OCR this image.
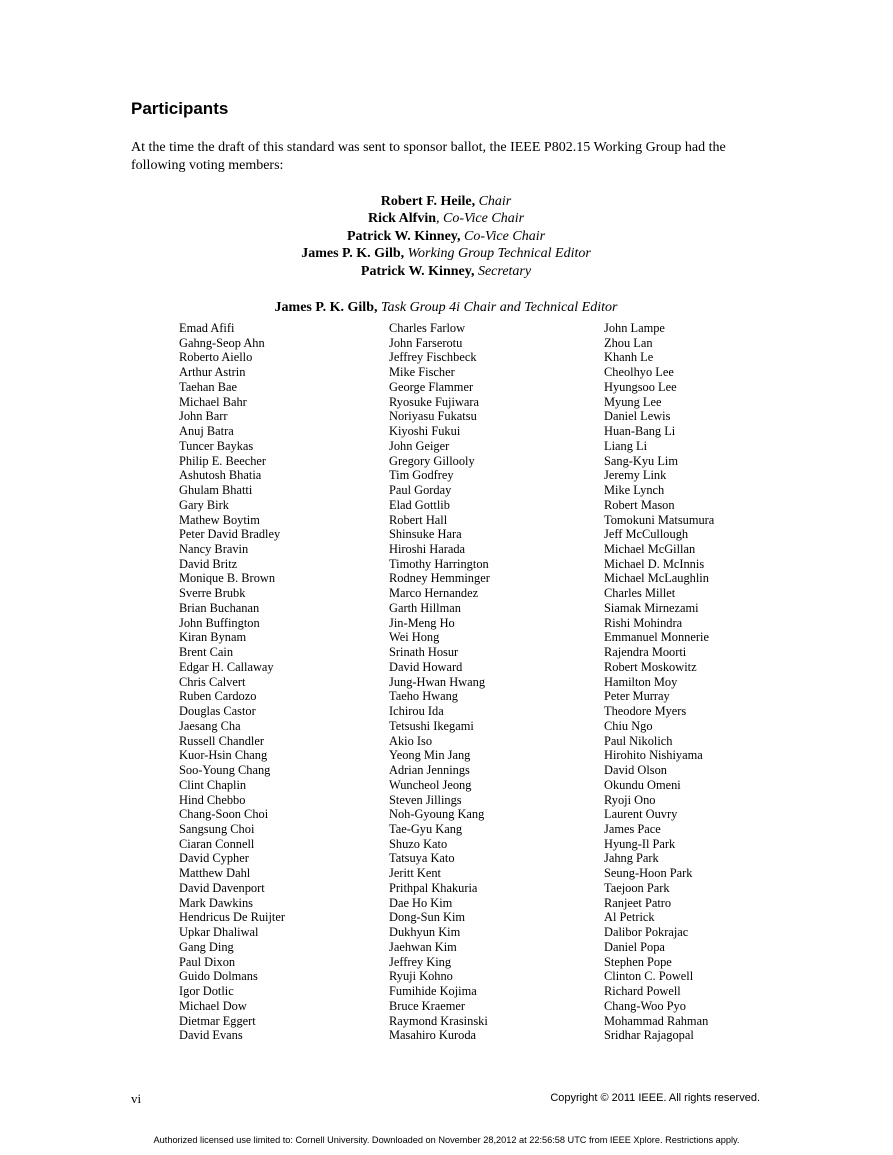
Participants

At the time the draft of this standard was sent to sponsor ballot, the IEEE P802.15 Working Group had the following voting members:

Robert F. Heile, Chair
Rick Alfvin, Co-Vice Chair
Patrick W. Kinney, Co-Vice Chair
James P. K. Gilb, Working Group Technical Editor
Patrick W. Kinney, Secretary
James P. K. Gilb, Task Group 4i Chair and Technical Editor
Emad Afifi
Gahng-Seop Ahn
Roberto Aiello
Arthur Astrin
Taehan Bae
Michael Bahr
John Barr
Anuj Batra
Tuncer Baykas
Philip E. Beecher
Ashutosh Bhatia
Ghulam Bhatti
Gary Birk
Mathew Boytim
Peter David Bradley
Nancy Bravin
David Britz
Monique B. Brown
Sverre Brubk
Brian Buchanan
John Buffington
Kiran Bynam
Brent Cain
Edgar H. Callaway
Chris Calvert
Ruben Cardozo
Douglas Castor
Jaesang Cha
Russell Chandler
Kuor-Hsin Chang
Soo-Young Chang
Clint Chaplin
Hind Chebbo
Chang-Soon Choi
Sangsung Choi
Ciaran Connell
David Cypher
Matthew Dahl
David Davenport
Mark Dawkins
Hendricus De Ruijter
Upkar Dhaliwal
Gang Ding
Paul Dixon
Guido Dolmans
Igor Dotlic
Michael Dow
Dietmar Eggert
David Evans
Charles Farlow
John Farserotu
Jeffrey Fischbeck
Mike Fischer
George Flammer
Ryosuke Fujiwara
Noriyasu Fukatsu
Kiyoshi Fukui
John Geiger
Gregory Gillooly
Tim Godfrey
Paul Gorday
Elad Gottlib
Robert Hall
Shinsuke Hara
Hiroshi Harada
Timothy Harrington
Rodney Hemminger
Marco Hernandez
Garth Hillman
Jin-Meng Ho
Wei Hong
Srinath Hosur
David Howard
Jung-Hwan Hwang
Taeho Hwang
Ichirou Ida
Tetsushi Ikegami
Akio Iso
Yeong Min Jang
Adrian Jennings
Wuncheol Jeong
Steven Jillings
Noh-Gyoung Kang
Tae-Gyu Kang
Shuzo Kato
Tatsuya Kato
Jeritt Kent
Prithpal Khakuria
Dae Ho Kim
Dong-Sun Kim
Dukhyun Kim
Jaehwan Kim
Jeffrey King
Ryuji Kohno
Fumihide Kojima
Bruce Kraemer
Raymond Krasinski
Masahiro Kuroda
John Lampe
Zhou Lan
Khanh Le
Cheolhyo Lee
Hyungsoo Lee
Myung Lee
Daniel Lewis
Huan-Bang Li
Liang Li
Sang-Kyu Lim
Jeremy Link
Mike Lynch
Robert Mason
Tomokuni Matsumura
Jeff McCullough
Michael McGillan
Michael D. McInnis
Michael McLaughlin
Charles Millet
Siamak Mirnezami
Rishi Mohindra
Emmanuel Monnerie
Rajendra Moorti
Robert Moskowitz
Hamilton Moy
Peter Murray
Theodore Myers
Chiu Ngo
Paul Nikolich
Hirohito Nishiyama
David Olson
Okundu Omeni
Ryoji Ono
Laurent Ouvry
James Pace
Hyung-Il Park
Jahng Park
Seung-Hoon Park
Taejoon Park
Ranjeet Patro
Al Petrick
Dalibor Pokrajac
Daniel Popa
Stephen Pope
Clinton C. Powell
Richard Powell
Chang-Woo Pyo
Mohammad Rahman
Sridhar Rajagopal
vi	Copyright © 2011 IEEE. All rights reserved.
Authorized licensed use limited to: Cornell University. Downloaded on November 28,2012 at 22:56:58 UTC from IEEE Xplore. Restrictions apply.
